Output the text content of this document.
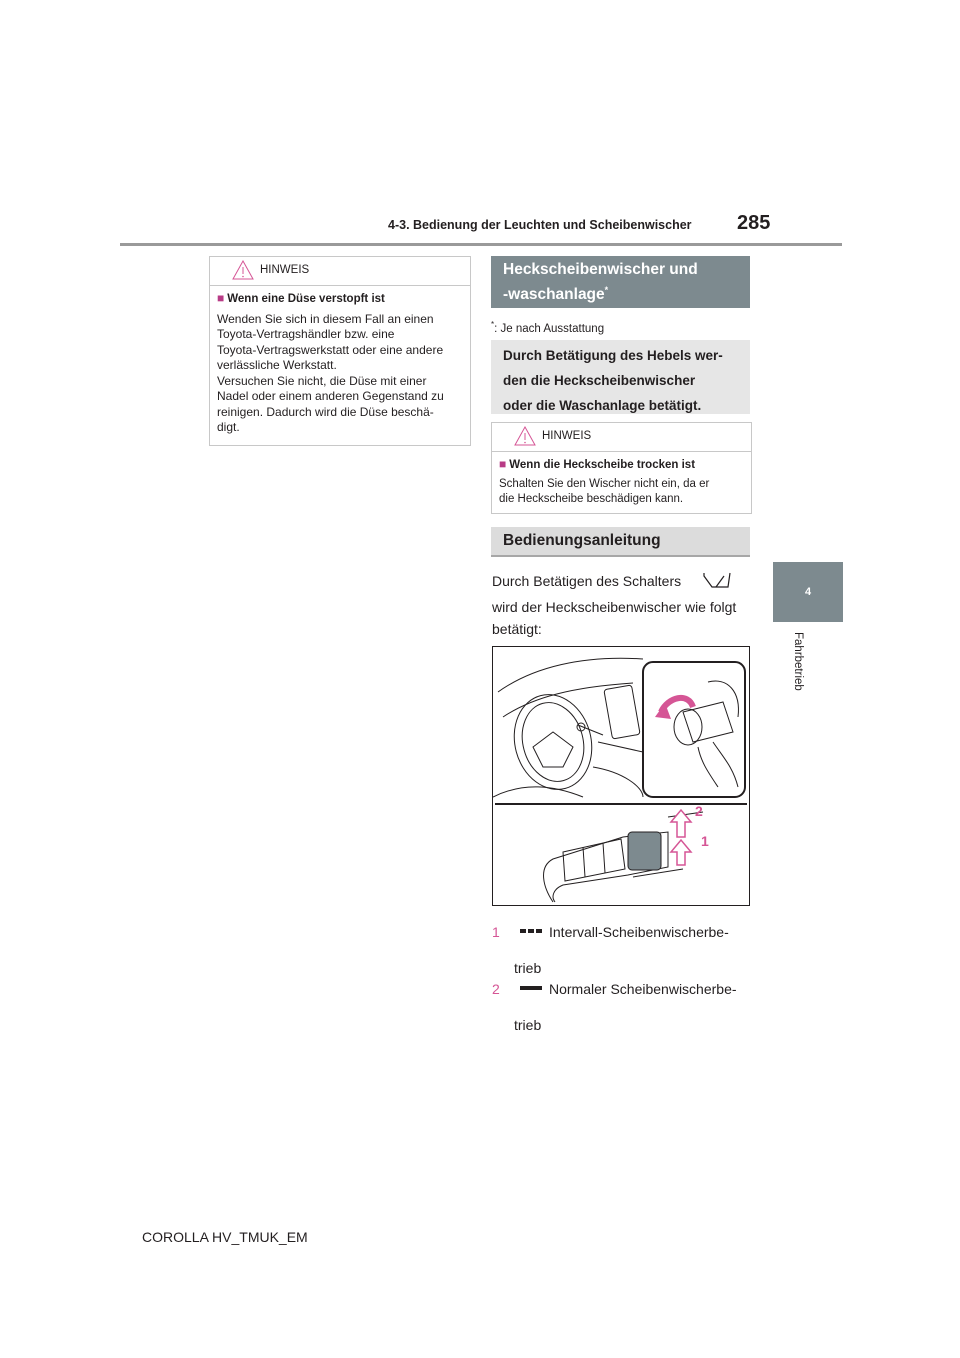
4-3. Bedienung der Leuchten und Scheibenwischer 285
4
Fahrbetrieb
HINWEIS
■ Wenn eine Düse verstopft ist
Wenden Sie sich in diesem Fall an einen
Toyota-Vertragshändler bzw. eine
Toyota-Vertragswerkstatt oder eine andere
verlässliche Werkstatt.
Versuchen Sie nicht, die Düse mit einer
Nadel oder einem anderen Gegenstand zu
reinigen. Dadurch wird die Düse beschä-
digt.
Heckscheibenwischer und
-waschanlage*
*: Je nach Ausstattung
Durch Betätigung des Hebels wer-
den die Heckscheibenwischer
oder die Waschanlage betätigt.
HINWEIS
■ Wenn die Heckscheibe trocken ist
Schalten Sie den Wischer nicht ein, da er
die Heckscheibe beschädigen kann.
Bedienungsanleitung
Durch Betätigen des Schalters
wird der Heckscheibenwischer wie folgt
betätigt:
2
1
1	Intervall-Scheibenwischerbe-
trieb
2	Normaler Scheibenwischerbe-
trieb
COROLLA HV_TMUK_EM
